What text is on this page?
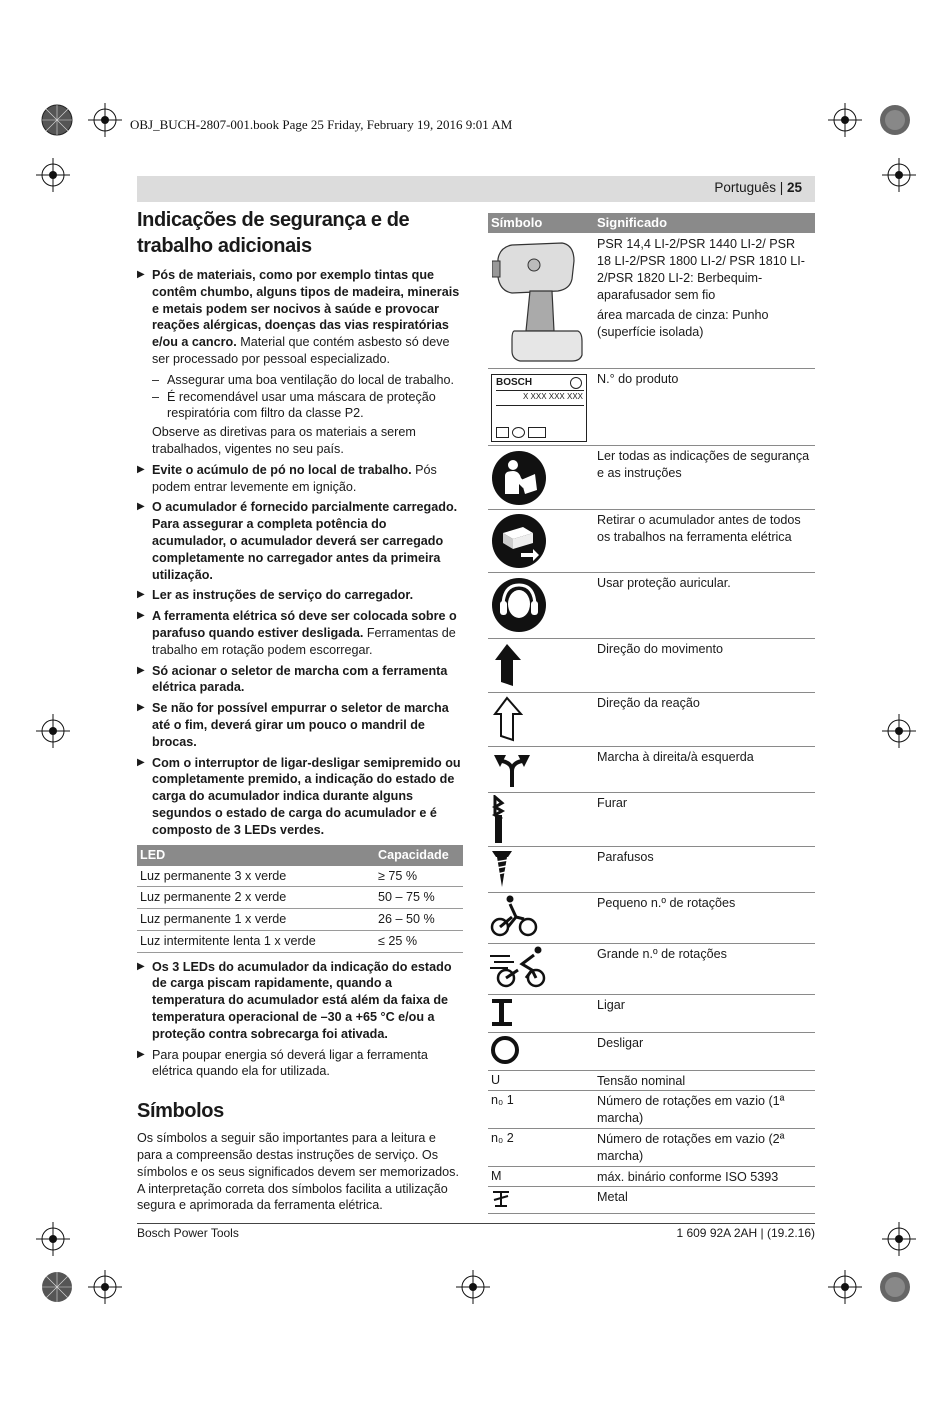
OBJ_BUCH-2807-001.book Page 25 Friday, February 19, 2016 9:01 AM
Português | 25
Indicações de segurança e de trabalho adicionais
▶ Pós de materiais, como por exemplo tintas que contêm chumbo, alguns tipos de madeira, minerais e metais podem ser nocivos à saúde e provocar reações alérgicas, doenças das vias respiratórias e/ou a cancro. Material que contém asbesto só deve ser processado por pessoal especializado.
– Assegurar uma boa ventilação do local de trabalho.
– É recomendável usar uma máscara de proteção respiratória com filtro da classe P2.
Observe as diretivas para os materiais a serem trabalhados, vigentes no seu país.
▶ Evite o acúmulo de pó no local de trabalho. Pós podem entrar levemente em ignição.
▶ O acumulador é fornecido parcialmente carregado. Para assegurar a completa potência do acumulador, o acumulador deverá ser carregado completamente no carregador antes da primeira utilização.
▶ Ler as instruções de serviço do carregador.
▶ A ferramenta elétrica só deve ser colocada sobre o parafuso quando estiver desligada. Ferramentas de trabalho em rotação podem escorregar.
▶ Só acionar o seletor de marcha com a ferramenta elétrica parada.
▶ Se não for possível empurrar o seletor de marcha até o fim, deverá girar um pouco o mandril de brocas.
▶ Com o interruptor de ligar-desligar semipremido ou completamente premido, a indicação do estado de carga do acumulador indica durante alguns segundos o estado de carga do acumulador e é composto de 3 LEDs verdes.
LED	Capacidade
Luz permanente 3 x verde	≥ 75 %
Luz permanente 2 x verde	50 – 75 %
Luz permanente 1 x verde	26 – 50 %
Luz intermitente lenta 1 x verde	≤ 25 %
▶ Os 3 LEDs do acumulador da indicação do estado de carga piscam rapidamente, quando a temperatura do acumulador está além da faixa de temperatura operacional de –30 a +65 °C e/ou a proteção contra sobrecarga foi ativada.
▶ Para poupar energia só deverá ligar a ferramenta elétrica quando ela for utilizada.
Símbolos

Os símbolos a seguir são importantes para a leitura e para a compreensão destas instruções de serviço. Os símbolos e os seus significados devem ser memorizados. A interpretação correta dos símbolos facilita a utilização segura e aprimorada da ferramenta elétrica.

Símbolo	Significado
PSR 14,4 LI-2/PSR 1440 LI-2/ PSR 18 LI-2/PSR 1800 LI-2/ PSR 1810 LI-2/PSR 1820 LI-2: Berbequim-aparafusador sem fio
área marcada de cinza: Punho (superfície isolada)
BOSCH
X XXX XXX XXX
N.° do produto
Ler todas as indicações de segurança e as instruções
Retirar o acumulador antes de todos os trabalhos na ferramenta elétrica
Usar proteção auricular.
Direção do movimento
Direção da reação
Marcha à direita/à esquerda
Furar
Parafusos
Pequeno n.º de rotações
Grande n.º de rotações
Ligar
Desligar
U	Tensão nominal
n₀ 1	Número de rotações em vazio (1ª marcha)
n₀ 2	Número de rotações em vazio (2ª marcha)
M	máx. binário conforme ISO 5393
Metal
Bosch Power Tools	1 609 92A 2AH | (19.2.16)
